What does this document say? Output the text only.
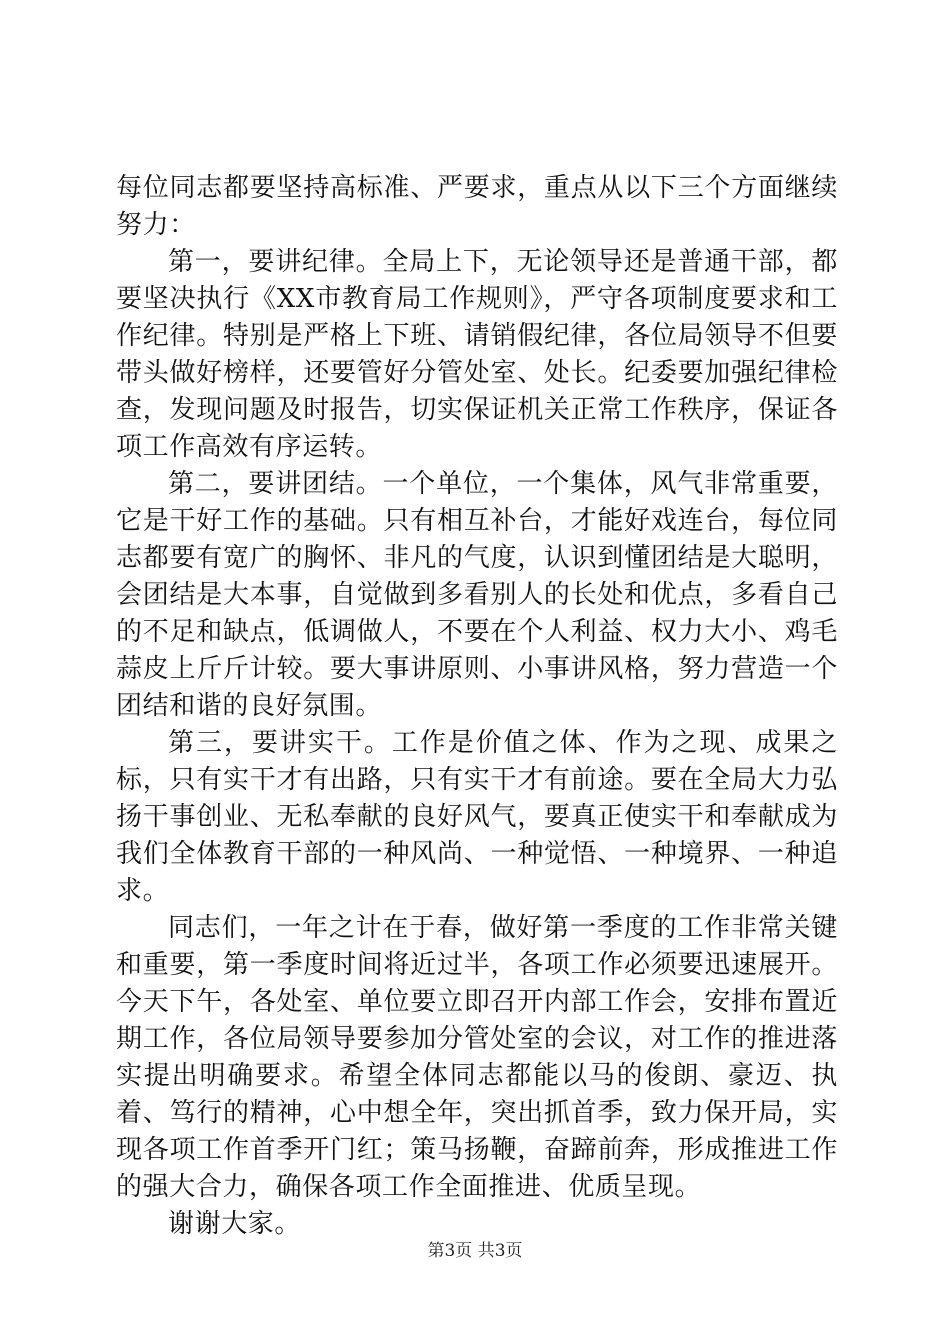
每位同志都要坚持高标准、严要求，重点从以下三个方面继续努力：

第一，要讲纪律。全局上下，无论领导还是普通干部，都要坚决执行《XX市教育局工作规则》，严守各项制度要求和工作纪律。特别是严格上下班、请销假纪律，各位局领导不但要带头做好榜样，还要管好分管处室、处长。纪委要加强纪律检查，发现问题及时报告，切实保证机关正常工作秩序，保证各项工作高效有序运转。

第二，要讲团结。一个单位，一个集体，风气非常重要，它是干好工作的基础。只有相互补台，才能好戏连台，每位同志都要有宽广的胸怀、非凡的气度，认识到懂团结是大聪明，会团结是大本事，自觉做到多看别人的长处和优点，多看自己的不足和缺点，低调做人，不要在个人利益、权力大小、鸡毛蒜皮上斤斤计较。要大事讲原则、小事讲风格，努力营造一个团结和谐的良好氛围。

第三，要讲实干。工作是价值之体、作为之现、成果之标，只有实干才有出路，只有实干才有前途。要在全局大力弘扬干事创业、无私奉献的良好风气，要真正使实干和奉献成为我们全体教育干部的一种风尚、一种觉悟、一种境界、一种追求。

同志们，一年之计在于春，做好第一季度的工作非常关键和重要，第一季度时间将近过半，各项工作必须要迅速展开。今天下午，各处室、单位要立即召开内部工作会，安排布置近期工作，各位局领导要参加分管处室的会议，对工作的推进落实提出明确要求。希望全体同志都能以马的俊朗、豪迈、执着、笃行的精神，心中想全年，突出抓首季，致力保开局，实现各项工作首季开门红；策马扬鞭，奋蹄前奔，形成推进工作的强大合力，确保各项工作全面推进、优质呈现。

谢谢大家。

第3页 共3页
